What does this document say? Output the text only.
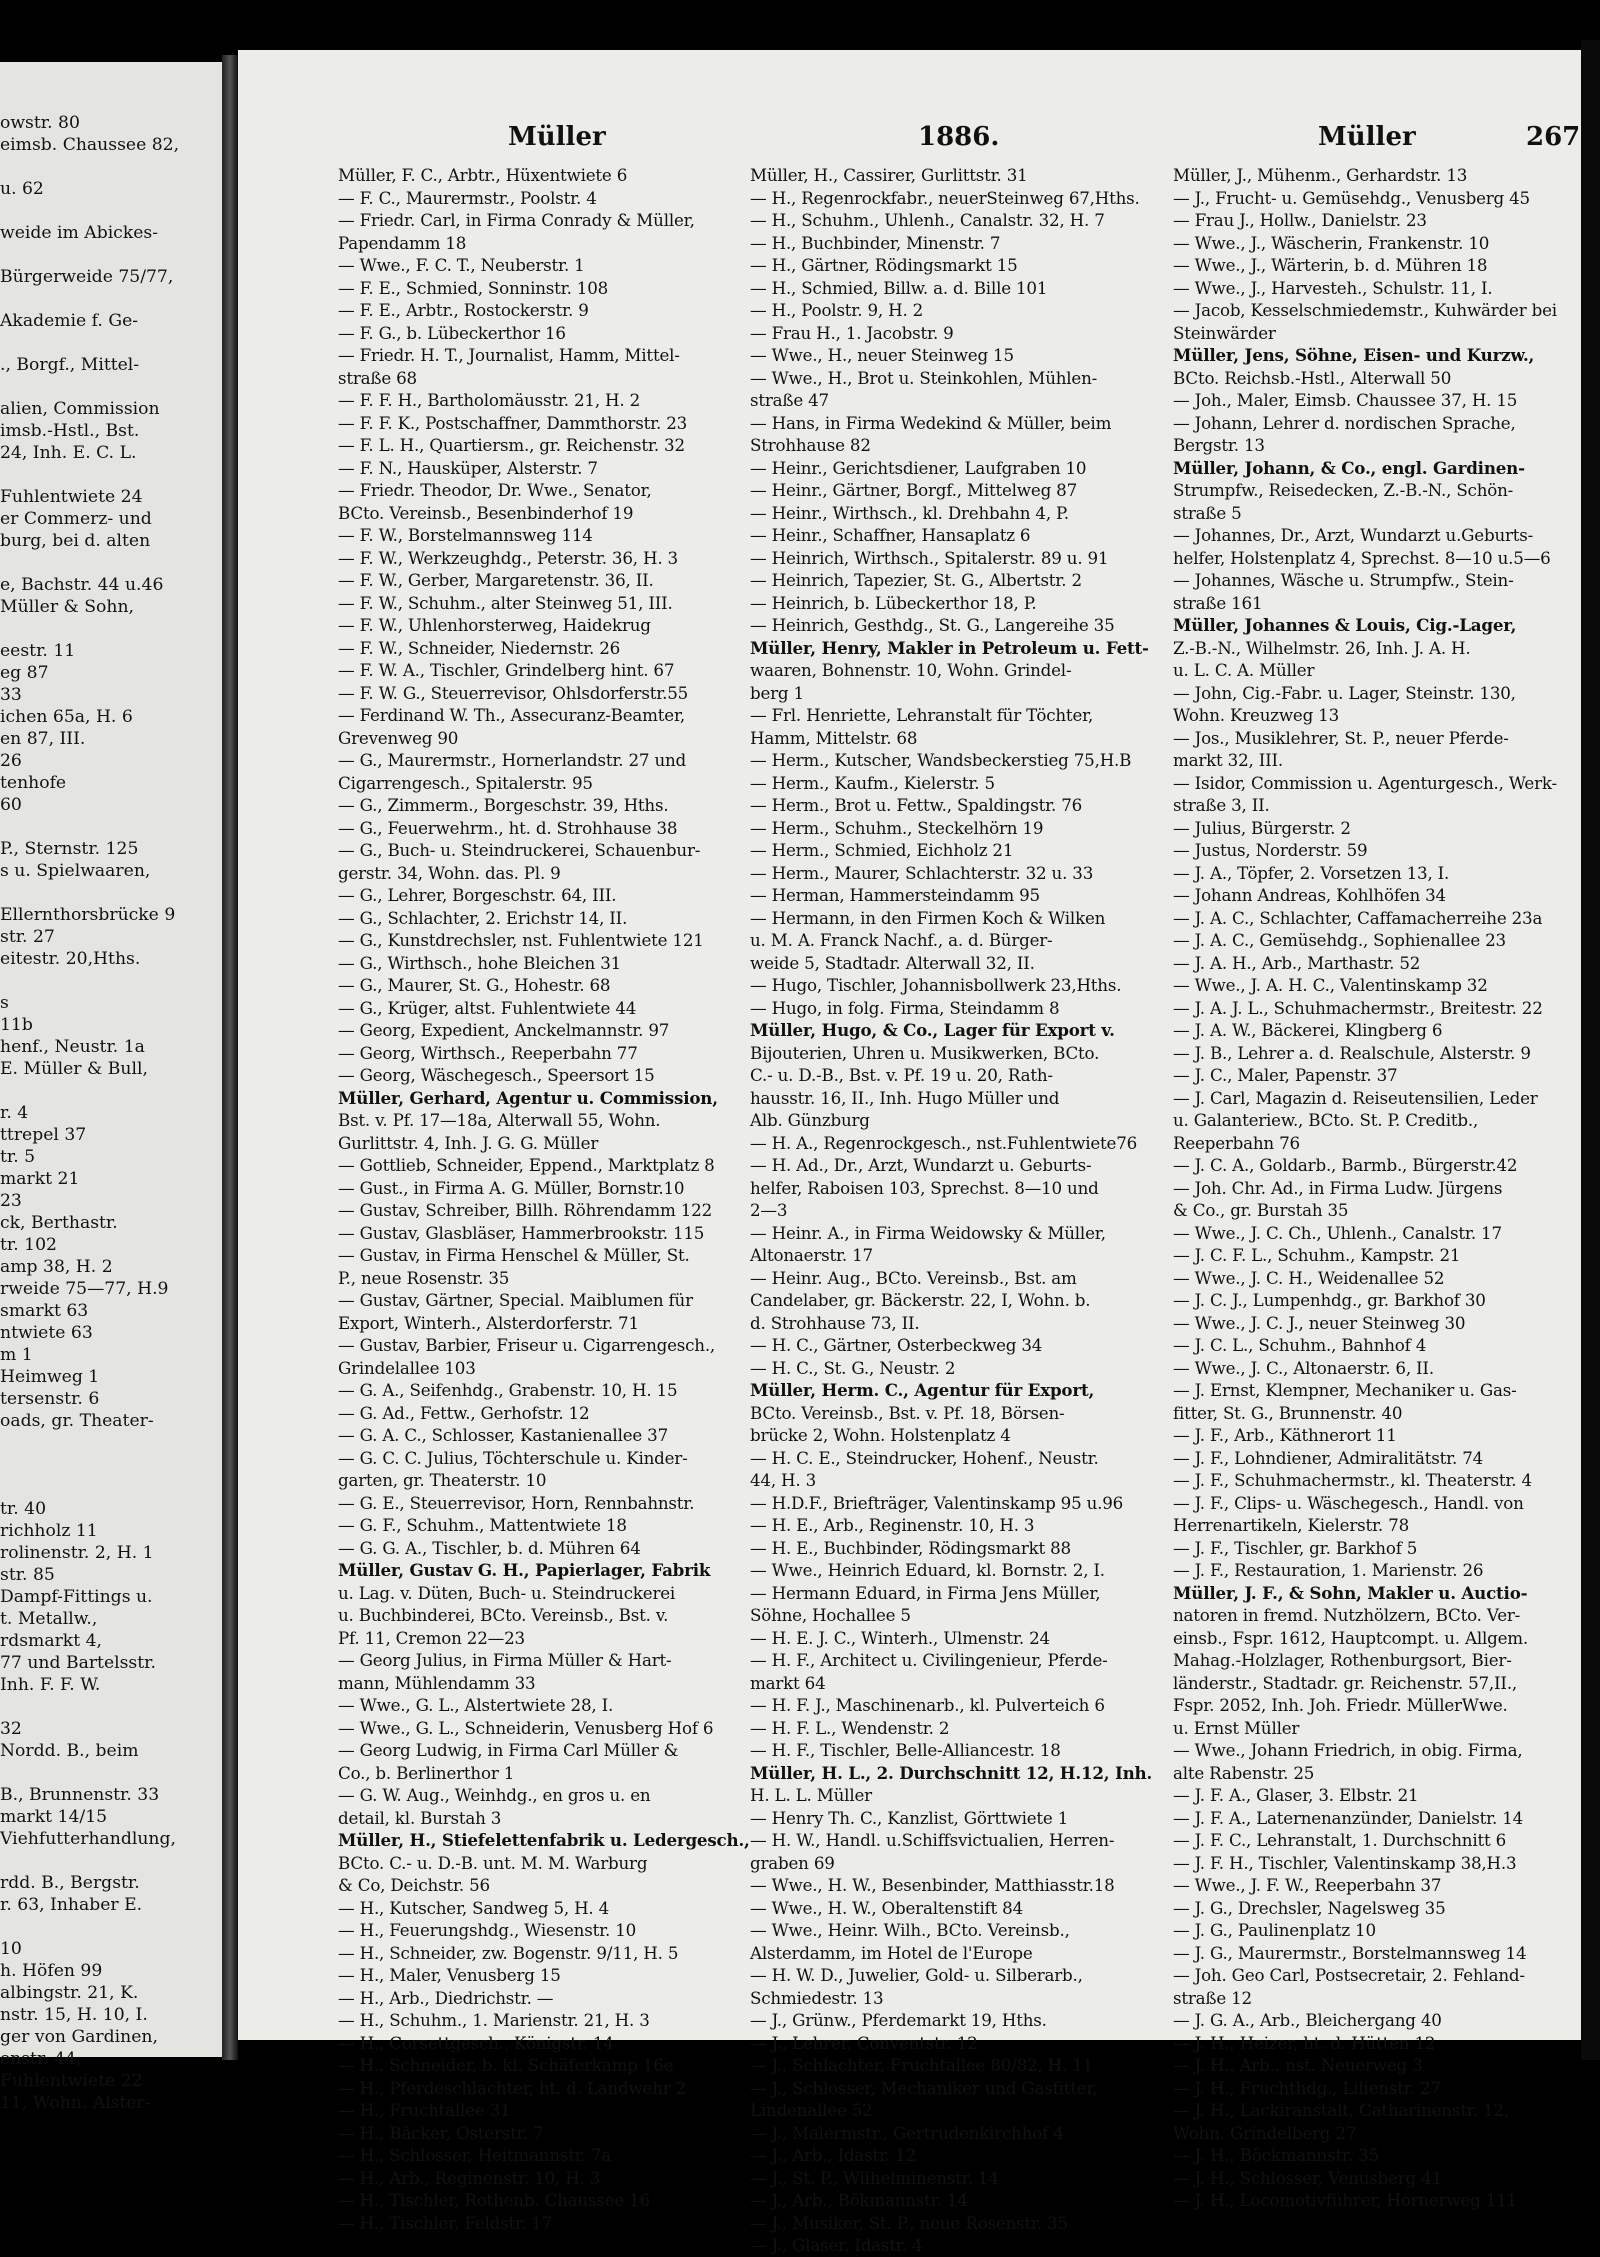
owstr. 80
eimsb. Chaussee 82,
u. 62
weide im Abickes-
Bürgerweide 75/77,
Akademie f. Ge-
., Borgf., Mittel-
alien, Commission
imsb.-Hstl., Bst.
24, Inh. E. C. L.
Fuhlentwiete 24
er Commerz- und
burg, bei d. alten
e, Bachstr. 44 u.46
Müller & Sohn,
eestr. 11
eg 87
33
ichen 65a, H. 6
en 87, III.
26
tenhofe
60
P., Sternstr. 125
s u. Spielwaaren,
Ellernthorsbrücke 9
str. 27
eitestr. 20,Hths.
s
11b
henf., Neustr. 1a
E. Müller & Bull,
r. 4
ttrepel 37
tr. 5
markt 21
23
ck, Berthastr.
tr. 102
amp 38, H. 2
rweide 75—77, H.9
smarkt 63
ntwiete 63
m 1
Heimweg 1
tersenstr. 6
oads, gr. Theater-
tr. 40
richholz 11
rolinenstr. 2, H. 1
str. 85
Dampf-Fittings u.
t. Metallw.,
rdsmarkt 4,
77 und Bartelsstr.
Inh. F. F. W.
32
Nordd. B., beim
B., Brunnenstr. 33
markt 14/15
Viehfutterhandlung,
rdd. B., Bergstr.
r. 63, Inhaber E.
10
h. Höfen 99
albingstr. 21, K.
nstr. 15, H. 10, I.
ger von Gardinen,
enstr. 44,
Fuhlentwiete 22
11, Wohn. Alster-
Müller	1886.	Müller	267
Müller, F. C., Arbtr., Hüxentwiete 6
— F. C., Maurermstr., Poolstr. 4
— Friedr. Carl, in Firma Conrady & Müller,
Papendamm 18
— Wwe., F. C. T., Neuberstr. 1
— F. E., Schmied, Sonninstr. 108
— F. E., Arbtr., Rostockerstr. 9
— F. G., b. Lübeckerthor 16
— Friedr. H. T., Journalist, Hamm, Mittel-
straße 68
— F. F. H., Bartholomäusstr. 21, H. 2
— F. F. K., Postschaffner, Dammthorstr. 23
— F. L. H., Quartiersm., gr. Reichenstr. 32
— F. N., Hausküper, Alsterstr. 7
— Friedr. Theodor, Dr. Wwe., Senator,
BCto. Vereinsb., Besenbinderhof 19
— F. W., Borstelmannsweg 114
— F. W., Werkzeughdg., Peterstr. 36, H. 3
— F. W., Gerber, Margaretenstr. 36, II.
— F. W., Schuhm., alter Steinweg 51, III.
— F. W., Uhlenhorsterweg, Haidekrug
— F. W., Schneider, Niedernstr. 26
— F. W. A., Tischler, Grindelberg hint. 67
— F. W. G., Steuerrevisor, Ohlsdorferstr.55
— Ferdinand W. Th., Assecuranz-Beamter,
Grevenweg 90
— G., Maurermstr., Hornerlandstr. 27 und
Cigarrengesch., Spitalerstr. 95
— G., Zimmerm., Borgeschstr. 39, Hths.
— G., Feuerwehrm., ht. d. Strohhause 38
— G., Buch- u. Steindruckerei, Schauenbur-
gerstr. 34, Wohn. das. Pl. 9
— G., Lehrer, Borgeschstr. 64, III.
— G., Schlachter, 2. Erichstr 14, II.
— G., Kunstdrechsler, nst. Fuhlentwiete 121
— G., Wirthsch., hohe Bleichen 31
— G., Maurer, St. G., Hohestr. 68
— G., Krüger, altst. Fuhlentwiete 44
— Georg, Expedient, Anckelmannstr. 97
— Georg, Wirthsch., Reeperbahn 77
— Georg, Wäschegesch., Speersort 15
Müller, Gerhard, Agentur u. Commission,
Bst. v. Pf. 17—18a, Alterwall 55, Wohn.
Gurlittstr. 4, Inh. J. G. G. Müller
— Gottlieb, Schneider, Eppend., Marktplatz 8
— Gust., in Firma A. G. Müller, Bornstr.10
— Gustav, Schreiber, Billh. Röhrendamm 122
— Gustav, Glasbläser, Hammerbrookstr. 115
— Gustav, in Firma Henschel & Müller, St.
P., neue Rosenstr. 35
— Gustav, Gärtner, Special. Maiblumen für
Export, Winterh., Alsterdorferstr. 71
— Gustav, Barbier, Friseur u. Cigarrengesch.,
Grindelallee 103
— G. A., Seifenhdg., Grabenstr. 10, H. 15
— G. Ad., Fettw., Gerhofstr. 12
— G. A. C., Schlosser, Kastanienallee 37
— G. C. C. Julius, Töchterschule u. Kinder-
garten, gr. Theaterstr. 10
— G. E., Steuerrevisor, Horn, Rennbahnstr.
— G. F., Schuhm., Mattentwiete 18
— G. G. A., Tischler, b. d. Mühren 64
Müller, Gustav G. H., Papierlager, Fabrik
u. Lag. v. Düten, Buch- u. Steindruckerei
u. Buchbinderei, BCto. Vereinsb., Bst. v.
Pf. 11, Cremon 22—23
— Georg Julius, in Firma Müller & Hart-
mann, Mühlendamm 33
— Wwe., G. L., Alstertwiete 28, I.
— Wwe., G. L., Schneiderin, Venusberg Hof 6
— Georg Ludwig, in Firma Carl Müller &
Co., b. Berlinerthor 1
— G. W. Aug., Weinhdg., en gros u. en
detail, kl. Burstah 3
Müller, H., Stiefelettenfabrik u. Ledergesch.,
BCto. C.- u. D.-B. unt. M. M. Warburg
& Co, Deichstr. 56
— H., Kutscher, Sandweg 5, H. 4
— H., Feuerungshdg., Wiesenstr. 10
— H., Schneider, zw. Bogenstr. 9/11, H. 5
— H., Maler, Venusberg 15
— H., Arb., Diedrichstr. —
— H., Schuhm., 1. Marienstr. 21, H. 3
— H., Corsettgesch., Königstr. 14
— H., Schneider, b. kl. Schäferkamp 16e
— H., Pferdeschlachter, ht. d. Landwehr 2
— H., Fruchtallee 31
— H., Bäcker, Osterstr. 7
— H., Schlosser, Heitmannstr. 7a
— H., Arb., Reginenstr. 10, H. 3
— H., Tischler, Rothenb. Chaussee 16
— H., Tischler, Feldstr. 17
Müller, H., Cassirer, Gurlittstr. 31
— H., Regenrockfabr., neuerSteinweg 67,Hths.
— H., Schuhm., Uhlenh., Canalstr. 32, H. 7
— H., Buchbinder, Minenstr. 7
— H., Gärtner, Rödingsmarkt 15
— H., Schmied, Billw. a. d. Bille 101
— H., Poolstr. 9, H. 2
— Frau H., 1. Jacobstr. 9
— Wwe., H., neuer Steinweg 15
— Wwe., H., Brot u. Steinkohlen, Mühlen-
straße 47
— Hans, in Firma Wedekind & Müller, beim
Strohhause 82
— Heinr., Gerichtsdiener, Laufgraben 10
— Heinr., Gärtner, Borgf., Mittelweg 87
— Heinr., Wirthsch., kl. Drehbahn 4, P.
— Heinr., Schaffner, Hansaplatz 6
— Heinrich, Wirthsch., Spitalerstr. 89 u. 91
— Heinrich, Tapezier, St. G., Albertstr. 2
— Heinrich, b. Lübeckerthor 18, P.
— Heinrich, Gesthdg., St. G., Langereihe 35
Müller, Henry, Makler in Petroleum u. Fett-
waaren, Bohnenstr. 10, Wohn. Grindel-
berg 1
— Frl. Henriette, Lehranstalt für Töchter,
Hamm, Mittelstr. 68
— Herm., Kutscher, Wandsbeckerstieg 75,H.B
— Herm., Kaufm., Kielerstr. 5
— Herm., Brot u. Fettw., Spaldingstr. 76
— Herm., Schuhm., Steckelhörn 19
— Herm., Schmied, Eichholz 21
— Herm., Maurer, Schlachterstr. 32 u. 33
— Herman, Hammersteindamm 95
— Hermann, in den Firmen Koch & Wilken
u. M. A. Franck Nachf., a. d. Bürger-
weide 5, Stadtadr. Alterwall 32, II.
— Hugo, Tischler, Johannisbollwerk 23,Hths.
— Hugo, in folg. Firma, Steindamm 8
Müller, Hugo, & Co., Lager für Export v.
Bijouterien, Uhren u. Musikwerken, BCto.
C.- u. D.-B., Bst. v. Pf. 19 u. 20, Rath-
hausstr. 16, II., Inh. Hugo Müller und
Alb. Günzburg
— H. A., Regenrockgesch., nst.Fuhlentwiete76
— H. Ad., Dr., Arzt, Wundarzt u. Geburts-
helfer, Raboisen 103, Sprechst. 8—10 und
2—3
— Heinr. A., in Firma Weidowsky & Müller,
Altonaerstr. 17
— Heinr. Aug., BCto. Vereinsb., Bst. am
Candelaber, gr. Bäckerstr. 22, I, Wohn. b.
d. Strohhause 73, II.
— H. C., Gärtner, Osterbeckweg 34
— H. C., St. G., Neustr. 2
Müller, Herm. C., Agentur für Export,
BCto. Vereinsb., Bst. v. Pf. 18, Börsen-
brücke 2, Wohn. Holstenplatz 4
— H. C. E., Steindrucker, Hohenf., Neustr.
44, H. 3
— H.D.F., Briefträger, Valentinskamp 95 u.96
— H. E., Arb., Reginenstr. 10, H. 3
— H. E., Buchbinder, Rödingsmarkt 88
— Wwe., Heinrich Eduard, kl. Bornstr. 2, I.
— Hermann Eduard, in Firma Jens Müller,
Söhne, Hochallee 5
— H. E. J. C., Winterh., Ulmenstr. 24
— H. F., Architect u. Civilingenieur, Pferde-
markt 64
— H. F. J., Maschinenarb., kl. Pulverteich 6
— H. F. L., Wendenstr. 2
— H. F., Tischler, Belle-Alliancestr. 18
Müller, H. L., 2. Durchschnitt 12, H.12, Inh.
H. L. L. Müller
— Henry Th. C., Kanzlist, Görttwiete 1
— H. W., Handl. u.Schiffsvictualien, Herren-
graben 69
— Wwe., H. W., Besenbinder, Matthiasstr.18
— Wwe., H. W., Oberaltenstift 84
— Wwe., Heinr. Wilh., BCto. Vereinsb.,
Alsterdamm, im Hotel de l'Europe
— H. W. D., Juwelier, Gold- u. Silberarb.,
Schmiedestr. 13
— J., Grünw., Pferdemarkt 19, Hths.
— J., Lehrer, Conventstr. 12
— J., Schlachter, Fruchtallee 80/82, H. 11
— J., Schlosser, Mechaniker und Gasfitter,
Lindenallee 52
— J., Malermstr., Gertrudenkirchhof 4
— J., Arb., Idastr. 12
— J., St. P., Wilhelminenstr. 14
— J., Arb., Bökmannstr. 14
— J., Musiker, St. P., neue Rosenstr. 35
— J., Glaser, Idastr. 4
Müller, J., Mühenm., Gerhardstr. 13
— J., Frucht- u. Gemüsehdg., Venusberg 45
— Frau J., Hollw., Danielstr. 23
— Wwe., J., Wäscherin, Frankenstr. 10
— Wwe., J., Wärterin, b. d. Mühren 18
— Wwe., J., Harvesteh., Schulstr. 11, I.
— Jacob, Kesselschmiedemstr., Kuhwärder bei
Steinwärder
Müller, Jens, Söhne, Eisen- und Kurzw.,
BCto. Reichsb.-Hstl., Alterwall 50
— Joh., Maler, Eimsb. Chaussee 37, H. 15
— Johann, Lehrer d. nordischen Sprache,
Bergstr. 13
Müller, Johann, & Co., engl. Gardinen-
Strumpfw., Reisedecken, Z.-B.-N., Schön-
straße 5
— Johannes, Dr., Arzt, Wundarzt u.Geburts-
helfer, Holstenplatz 4, Sprechst. 8—10 u.5—6
— Johannes, Wäsche u. Strumpfw., Stein-
straße 161
Müller, Johannes & Louis, Cig.-Lager,
Z.-B.-N., Wilhelmstr. 26, Inh. J. A. H.
u. L. C. A. Müller
— John, Cig.-Fabr. u. Lager, Steinstr. 130,
Wohn. Kreuzweg 13
— Jos., Musiklehrer, St. P., neuer Pferde-
markt 32, III.
— Isidor, Commission u. Agenturgesch., Werk-
straße 3, II.
— Julius, Bürgerstr. 2
— Justus, Norderstr. 59
— J. A., Töpfer, 2. Vorsetzen 13, I.
— Johann Andreas, Kohlhöfen 34
— J. A. C., Schlachter, Caffamacherreihe 23a
— J. A. C., Gemüsehdg., Sophienallee 23
— J. A. H., Arb., Marthastr. 52
— Wwe., J. A. H. C., Valentinskamp 32
— J. A. J. L., Schuhmachermstr., Breitestr. 22
— J. A. W., Bäckerei, Klingberg 6
— J. B., Lehrer a. d. Realschule, Alsterstr. 9
— J. C., Maler, Papenstr. 37
— J. Carl, Magazin d. Reiseutensilien, Leder
u. Galanteriew., BCto. St. P. Creditb.,
Reeperbahn 76
— J. C. A., Goldarb., Barmb., Bürgerstr.42
— Joh. Chr. Ad., in Firma Ludw. Jürgens
& Co., gr. Burstah 35
— Wwe., J. C. Ch., Uhlenh., Canalstr. 17
— J. C. F. L., Schuhm., Kampstr. 21
— Wwe., J. C. H., Weidenallee 52
— J. C. J., Lumpenhdg., gr. Barkhof 30
— Wwe., J. C. J., neuer Steinweg 30
— J. C. L., Schuhm., Bahnhof 4
— Wwe., J. C., Altonaerstr. 6, II.
— J. Ernst, Klempner, Mechaniker u. Gas-
fitter, St. G., Brunnenstr. 40
— J. F., Arb., Käthnerort 11
— J. F., Lohndiener, Admiralitätstr. 74
— J. F., Schuhmachermstr., kl. Theaterstr. 4
— J. F., Clips- u. Wäschegesch., Handl. von
Herrenartikeln, Kielerstr. 78
— J. F., Tischler, gr. Barkhof 5
— J. F., Restauration, 1. Marienstr. 26
Müller, J. F., & Sohn, Makler u. Auctio-
natoren in fremd. Nutzhölzern, BCto. Ver-
einsb., Fspr. 1612, Hauptcompt. u. Allgem.
Mahag.-Holzlager, Rothenburgsort, Bier-
länderstr., Stadtadr. gr. Reichenstr. 57,II.,
Fspr. 2052, Inh. Joh. Friedr. MüllerWwe.
u. Ernst Müller
— Wwe., Johann Friedrich, in obig. Firma,
alte Rabenstr. 25
— J. F. A., Glaser, 3. Elbstr. 21
— J. F. A., Laternenanzünder, Danielstr. 14
— J. F. C., Lehranstalt, 1. Durchschnitt 6
— J. F. H., Tischler, Valentinskamp 38,H.3
— Wwe., J. F. W., Reeperbahn 37
— J. G., Drechsler, Nagelsweg 35
— J. G., Paulinenplatz 10
— J. G., Maurermstr., Borstelmannsweg 14
— Joh. Geo Carl, Postsecretair, 2. Fehland-
straße 12
— J. G. A., Arb., Bleichergang 40
— J. H., Heizer, ht. d. Hütten 12
— J. H., Arb., nst. Neuerweg 3
— J. H., Fruchthdg., Lilienstr. 27
— J. H., Lackiranstalt, Catharinenstr. 12,
Wohn. Grindelberg 27
— J. H., Böckmannstr. 35
— J. H., Schlosser, Venusberg 41
— J. H., Locomotivführer, Hornerweg 111
